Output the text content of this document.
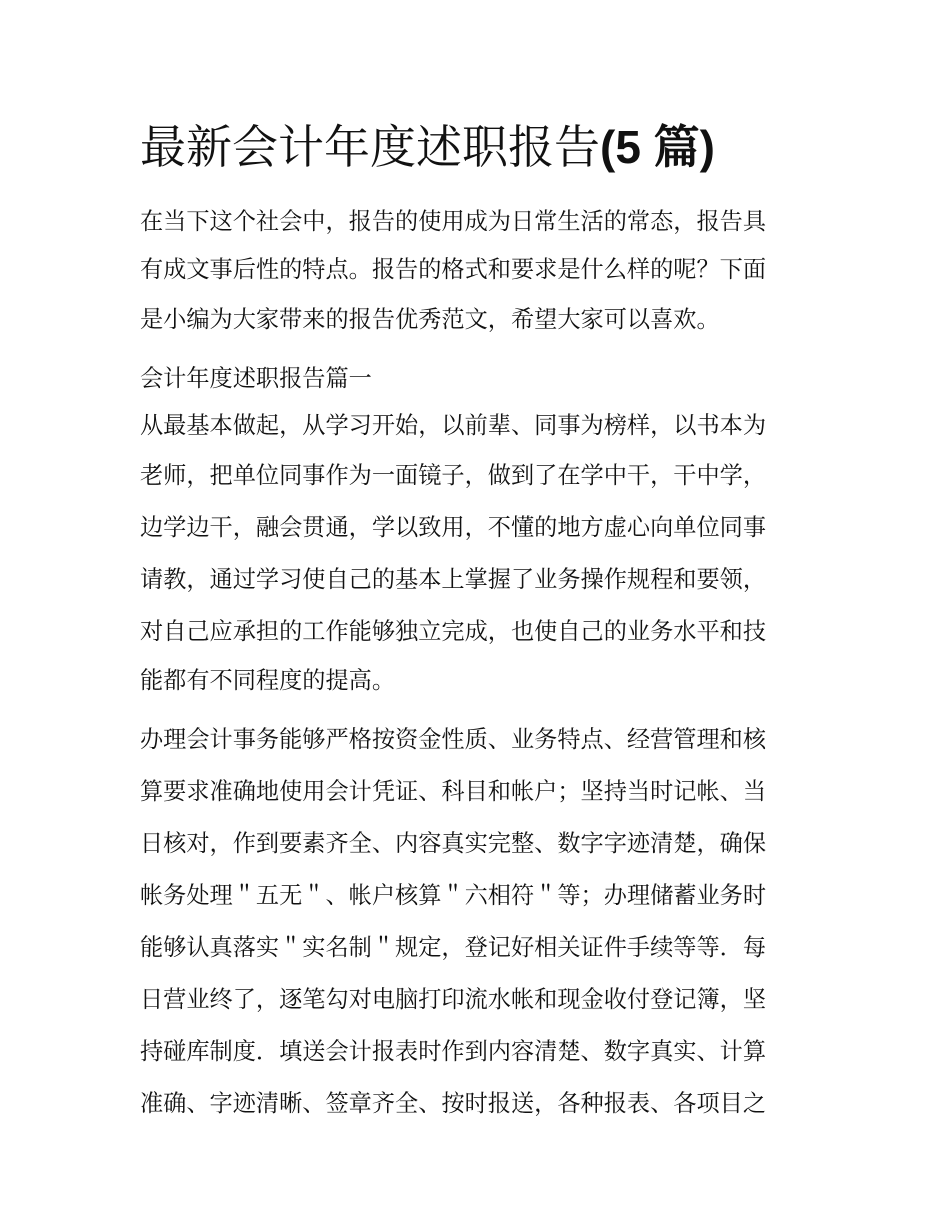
最新会计年度述职报告(5 篇)
在当下这个社会中，报告的使用成为日常生活的常态，报告具
有成文事后性的特点。报告的格式和要求是什么样的呢？下面
是小编为大家带来的报告优秀范文，希望大家可以喜欢。
会计年度述职报告篇一
从最基本做起，从学习开始，以前辈、同事为榜样，以书本为
老师，把单位同事作为一面镜子，做到了在学中干，干中学，
边学边干，融会贯通，学以致用，不懂的地方虚心向单位同事
请教，通过学习使自己的基本上掌握了业务操作规程和要领，
对自己应承担的工作能够独立完成，也使自己的业务水平和技
能都有不同程度的提高。
办理会计事务能够严格按资金性质、业务特点、经营管理和核
算要求准确地使用会计凭证、科目和帐户；坚持当时记帐、当
日核对，作到要素齐全、内容真实完整、数字字迹清楚，确保
帐务处理＂五无＂、帐户核算＂六相符＂等；办理储蓄业务时
能够认真落实＂实名制＂规定，登记好相关证件手续等等．每
日营业终了，逐笔勾对电脑打印流水帐和现金收付登记簿，坚
持碰库制度．填送会计报表时作到内容清楚、数字真实、计算
准确、字迹清晰、签章齐全、按时报送，各种报表、各项目之
